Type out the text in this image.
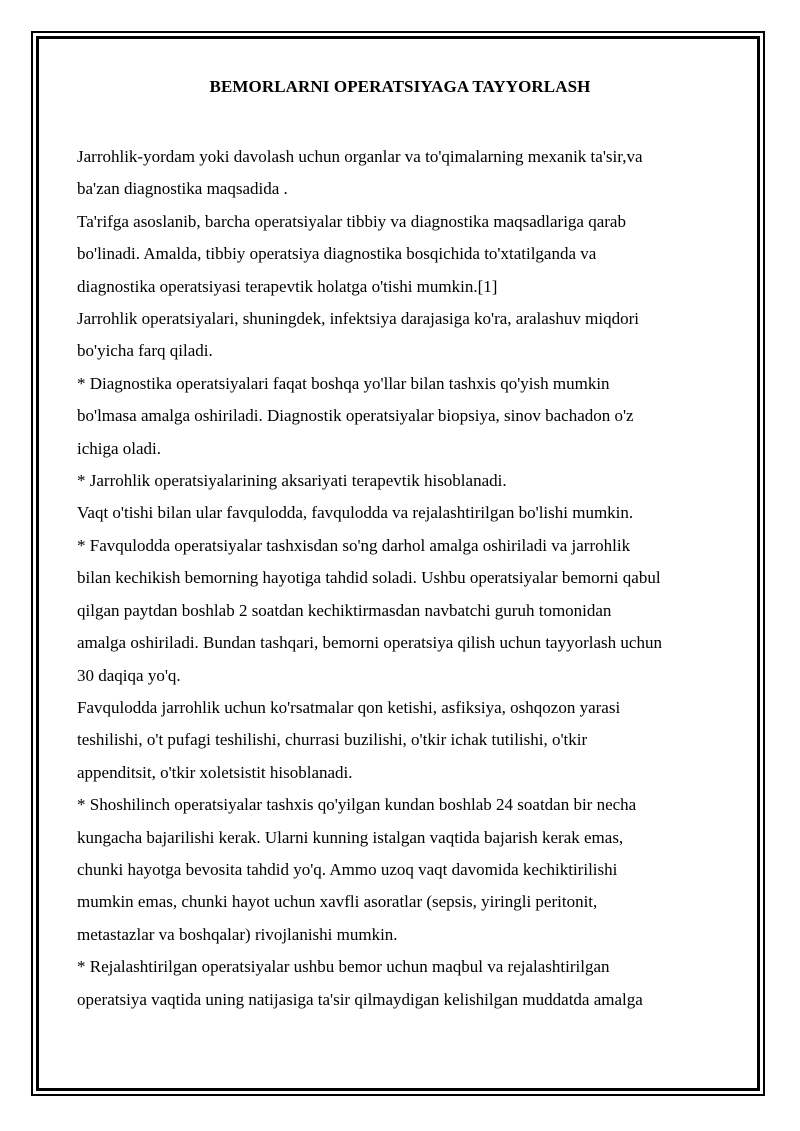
BEMORLARNI OPERATSIYAGA TAYYORLASH
Jarrohlik-yordam yoki davolash uchun organlar va to'qimalarning mexanik ta'sir,va
ba'zan diagnostika maqsadida .
Ta'rifga asoslanib, barcha operatsiyalar tibbiy va diagnostika maqsadlariga qarab
bo'linadi. Amalda, tibbiy operatsiya diagnostika bosqichida to'xtatilganda va
diagnostika operatsiyasi terapevtik holatga o'tishi mumkin.[1]
Jarrohlik operatsiyalari, shuningdek, infektsiya darajasiga ko'ra, aralashuv miqdori
bo'yicha farq qiladi.
* Diagnostika operatsiyalari faqat boshqa yo'llar bilan tashxis qo'yish mumkin
bo'lmasa amalga oshiriladi. Diagnostik operatsiyalar biopsiya, sinov bachadon o'z
ichiga oladi.
* Jarrohlik operatsiyalarining aksariyati terapevtik hisoblanadi.
Vaqt o'tishi bilan ular favqulodda, favqulodda va rejalashtirilgan bo'lishi mumkin.
* Favqulodda operatsiyalar tashxisdan so'ng darhol amalga oshiriladi va jarrohlik
bilan kechikish bemorning hayotiga tahdid soladi. Ushbu operatsiyalar bemorni qabul
qilgan paytdan boshlab 2 soatdan kechiktirmasdan navbatchi guruh tomonidan
amalga oshiriladi. Bundan tashqari, bemorni operatsiya qilish uchun tayyorlash uchun
30 daqiqa yo'q.
Favqulodda jarrohlik uchun ko'rsatmalar qon ketishi, asfiksiya, oshqozon yarasi
teshilishi, o't pufagi teshilishi, churrasi buzilishi, o'tkir ichak tutilishi, o'tkir
appenditsit, o'tkir xoletsistit hisoblanadi.
* Shoshilinch operatsiyalar tashxis qo'yilgan kundan boshlab 24 soatdan bir necha
kungacha bajarilishi kerak. Ularni kunning istalgan vaqtida bajarish kerak emas,
chunki hayotga bevosita tahdid yo'q. Ammo uzoq vaqt davomida kechiktirilishi
mumkin emas, chunki hayot uchun xavfli asoratlar (sepsis, yiringli peritonit,
metastazlar va boshqalar) rivojlanishi mumkin.
* Rejalashtirilgan operatsiyalar ushbu bemor uchun maqbul va rejalashtirilgan
operatsiya vaqtida uning natijasiga ta'sir qilmaydigan kelishilgan muddatda amalga
